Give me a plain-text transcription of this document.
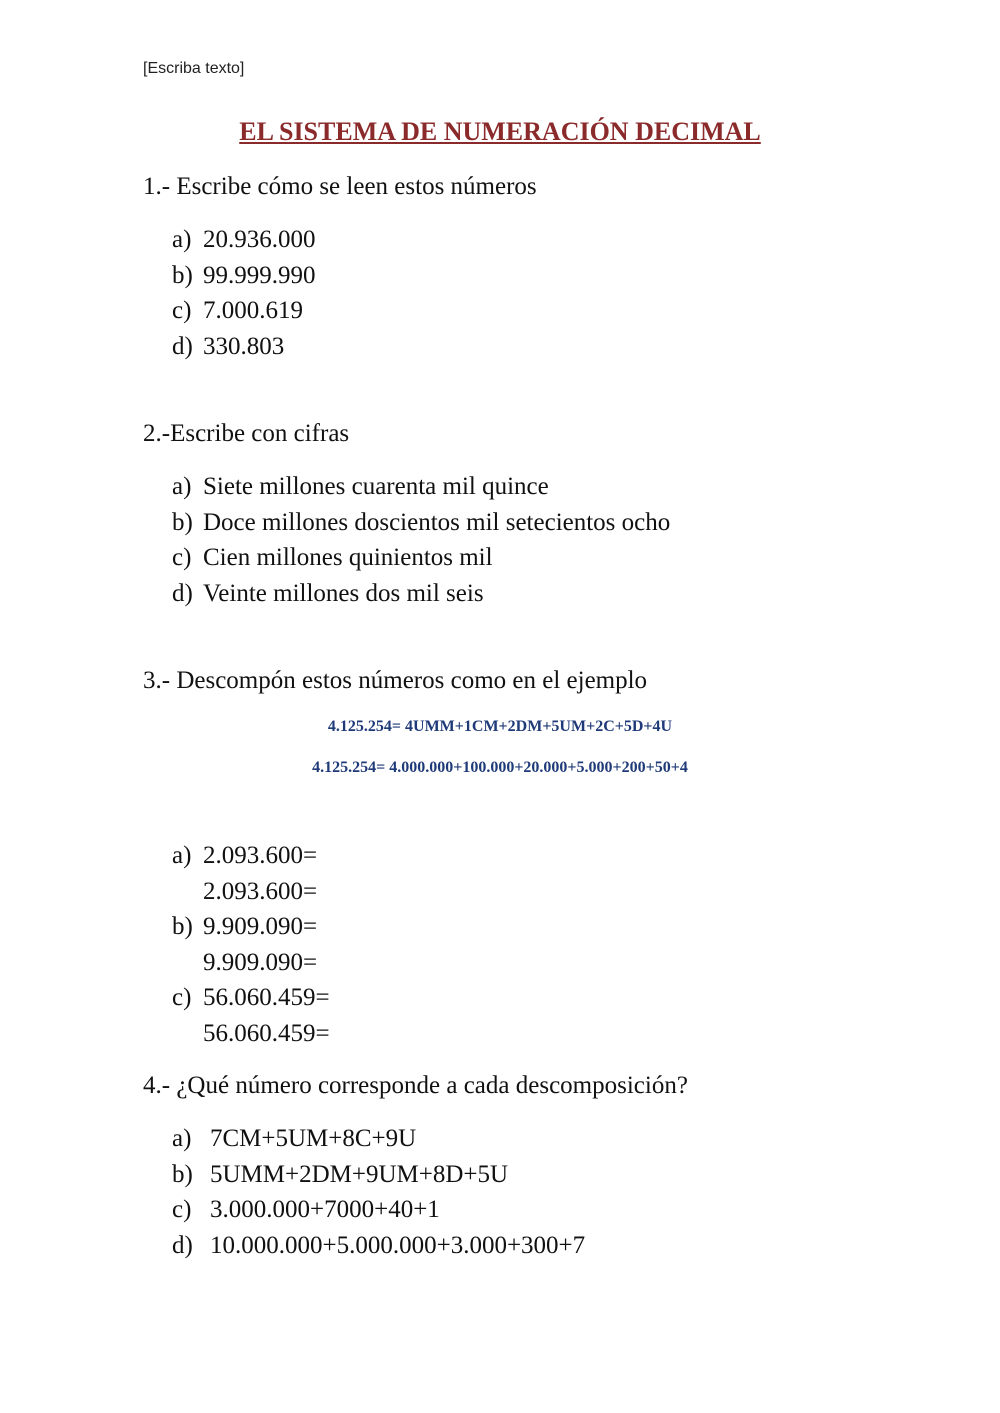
[Escriba texto]
EL SISTEMA DE NUMERACIÓN DECIMAL
1.- Escribe cómo se leen estos números
a) 20.936.000
b) 99.999.990
c) 7.000.619
d) 330.803
2.-Escribe con cifras
a) Siete millones cuarenta mil quince
b) Doce millones doscientos mil setecientos ocho
c) Cien millones quinientos mil
d) Veinte millones dos mil seis
3.- Descompón estos números como en el ejemplo
4.125.254= 4UMM+1CM+2DM+5UM+2C+5D+4U
4.125.254= 4.000.000+100.000+20.000+5.000+200+50+4
a) 2.093.600=
2.093.600=
b) 9.909.090=
9.909.090=
c) 56.060.459=
56.060.459=
4.- ¿Qué número corresponde a cada descomposición?
a) 7CM+5UM+8C+9U
b) 5UMM+2DM+9UM+8D+5U
c) 3.000.000+7000+40+1
d) 10.000.000+5.000.000+3.000+300+7
